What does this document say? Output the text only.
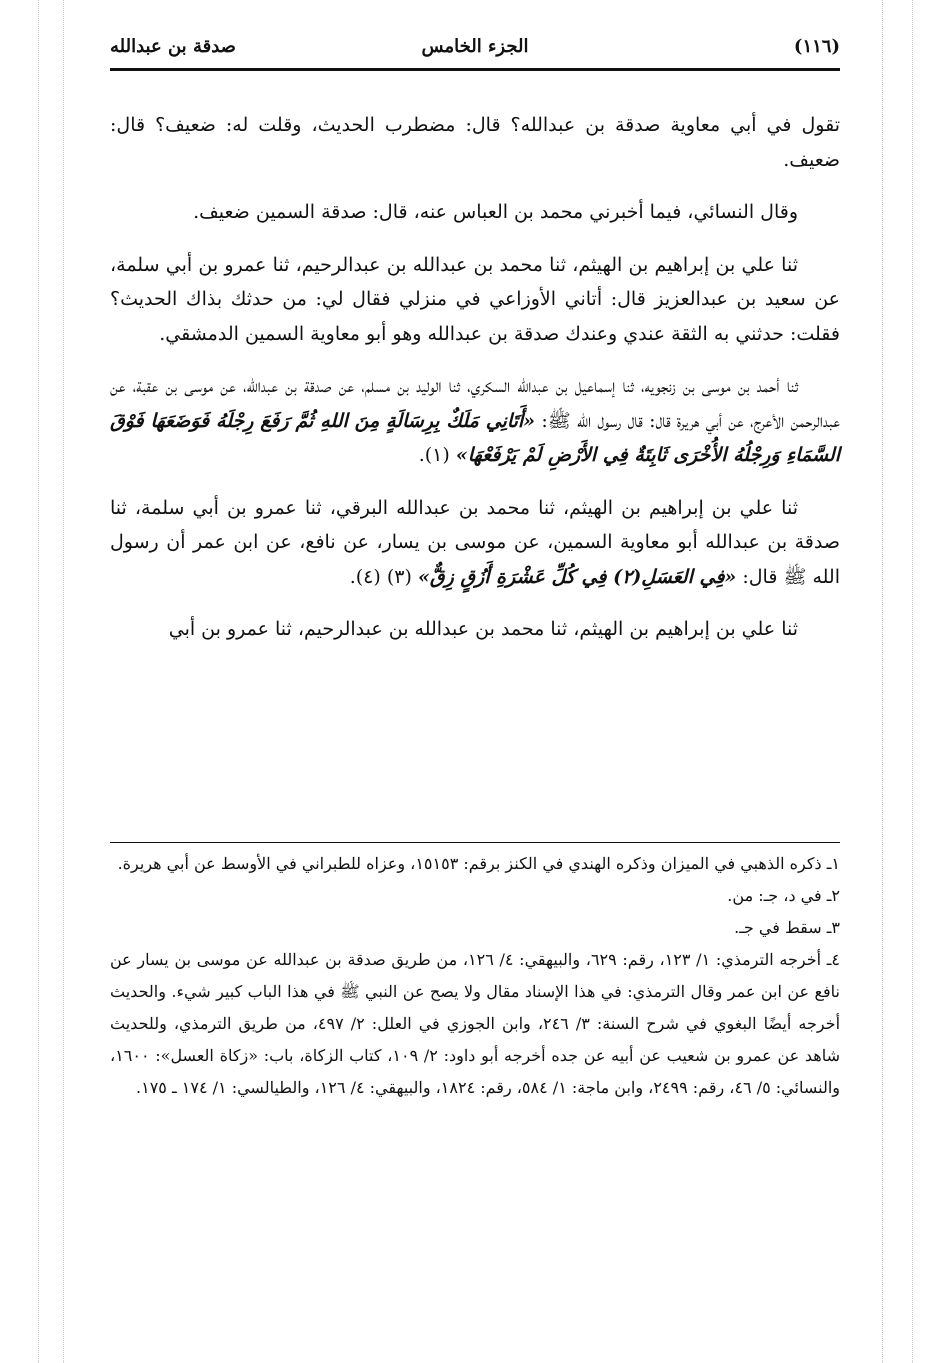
(١١٦)
الجزء الخامس
صدقة بن عبدالله

تقول في أبي معاوية صدقة بن عبدالله؟ قال: مضطرب الحديث، وقلت له: ضعيف؟ قال: ضعيف.

وقال النسائي، فيما أخبرني محمد بن العباس عنه، قال: صدقة السمين ضعيف.

ثنا علي بن إبراهيم بن الهيثم، ثنا محمد بن عبدالله بن عبدالرحيم، ثنا عمرو بن أبي سلمة، عن سعيد بن عبدالعزيز قال: أتاني الأوزاعي في منزلي فقال لي: من حدثك بذاك الحديث؟ فقلت: حدثني به الثقة عندي وعندك صدقة بن عبدالله وهو أبو معاوية السمين الدمشقي.

ثنا أحمد بن موسى بن زنجويه، ثنا إسماعيل بن عبدالله السكري، ثنا الوليد بن مسلم، عن صدقة بن عبدالله، عن موسى بن عقبة، عن عبدالرحمن الأعرج، عن أبي هريرة قال: قال رسول الله ﷺ: «أَتَانِي مَلَكٌ بِرِسَالَةٍ مِنَ اللهِ ثُمَّ رَفَعَ رِجْلَهُ فَوَضَعَهَا فَوْقَ السَّمَاءِ وَرِجْلُهُ الأُخْرَى ثَابِتَةٌ فِي الأَرْضِ لَمْ يَرْفَعْهَا» (١).

ثنا علي بن إبراهيم بن الهيثم، ثنا محمد بن عبدالله البرقي، ثنا عمرو بن أبي سلمة، ثنا صدقة بن عبدالله أبو معاوية السمين، عن موسى بن يسار، عن نافع، عن ابن عمر أن رسول الله ﷺ قال: «فِي العَسَلِ(٢) فِي كُلِّ عَشْرَةِ أَزُقٍ زِقٌّ» (٣) (٤).

ثنا علي بن إبراهيم بن الهيثم، ثنا محمد بن عبدالله بن عبدالرحيم، ثنا عمرو بن أبي

١ـ ذكره الذهبي في الميزان وذكره الهندي في الكنز برقم: ١٥١٥٣، وعزاه للطبراني في الأوسط عن أبي هريرة.

٢ـ في د، جـ: من.

٣ـ سقط في جـ.

٤ـ أخرجه الترمذي: ١/ ١٢٣، رقم: ٦٢٩، والبيهقي: ٤/ ١٢٦، من طريق صدقة بن عبدالله عن موسى بن يسار عن نافع عن ابن عمر وقال الترمذي: في هذا الإسناد مقال ولا يصح عن النبي ﷺ في هذا الباب كبير شيء. والحديث أخرجه أيضًا البغوي في شرح السنة: ٣/ ٢٤٦، وابن الجوزي في العلل: ٢/ ٤٩٧، من طريق الترمذي، وللحديث شاهد عن عمرو بن شعيب عن أبيه عن جده أخرجه أبو داود: ٢/ ١٠٩، كتاب الزكاة، باب: «زكاة العسل»: ١٦٠٠، والنسائي: ٥/ ٤٦، رقم: ٢٤٩٩، وابن ماجة: ١/ ٥٨٤، رقم: ١٨٢٤، والبيهقي: ٤/ ١٢٦، والطيالسي: ١/ ١٧٤ ـ ١٧٥.
